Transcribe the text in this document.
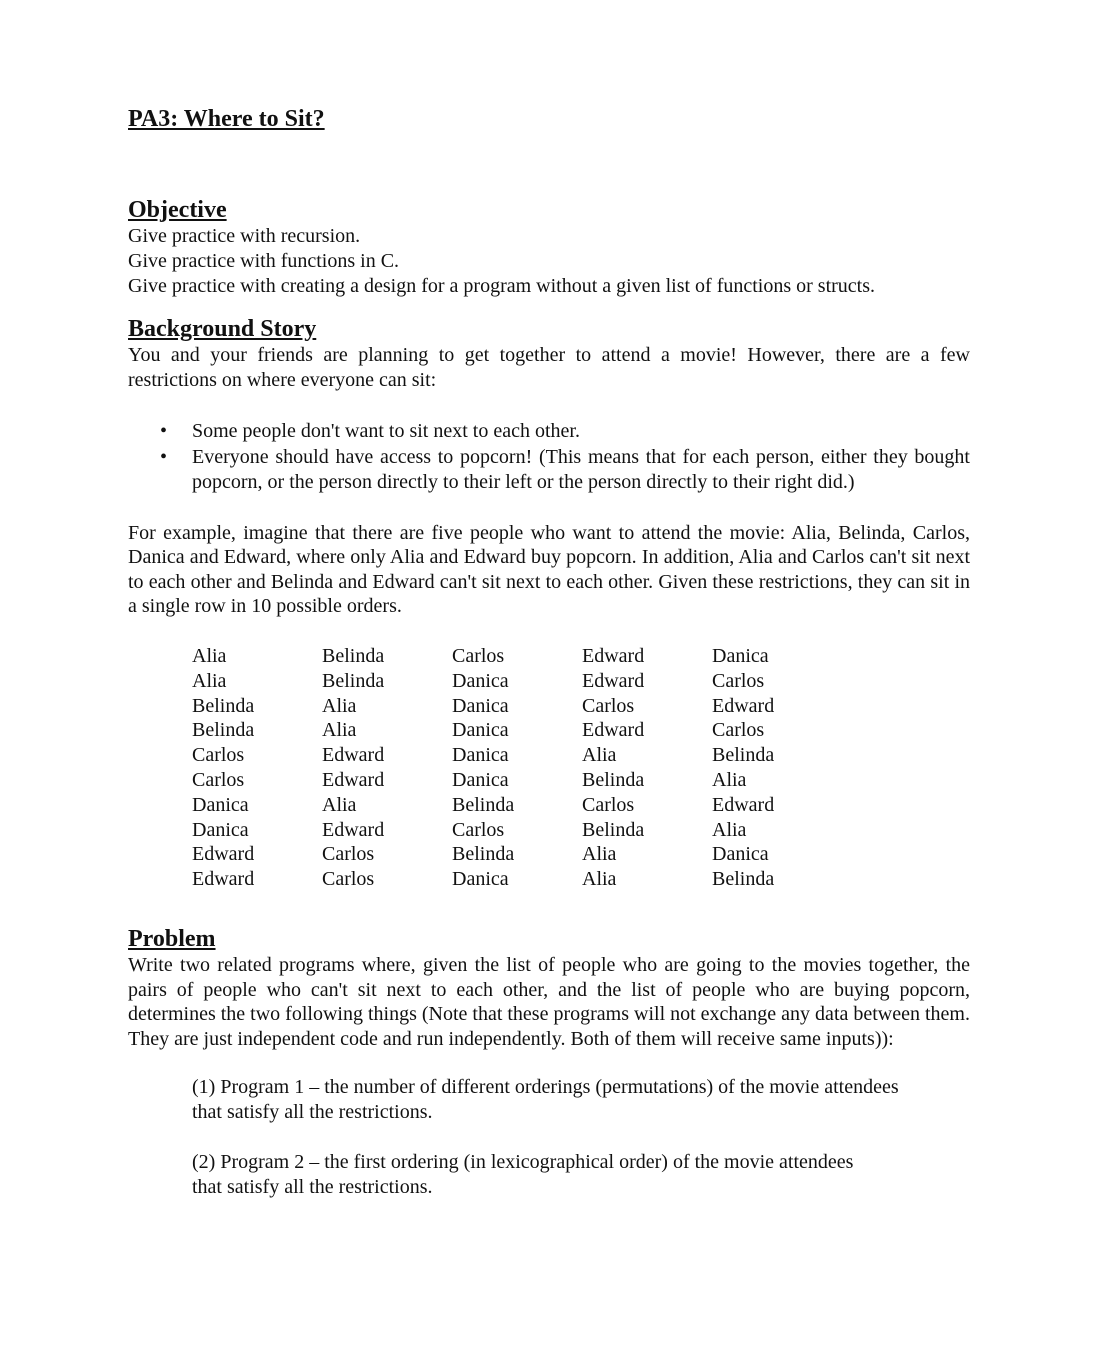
PA3: Where to Sit?
Objective

Give practice with recursion.

Give practice with functions in C.

Give practice with creating a design for a program without a given list of functions or structs.

Background Story

You and your friends are planning to get together to attend a movie! However, there are a few restrictions on where everyone can sit:

• Some people don't want to sit next to each other.
• Everyone should have access to popcorn! (This means that for each person, either they bought popcorn, or the person directly to their left or the person directly to their right did.)

For example, imagine that there are five people who want to attend the movie: Alia, Belinda, Carlos, Danica and Edward, where only Alia and Edward buy popcorn. In addition, Alia and Carlos can't sit next to each other and Belinda and Edward can't sit next to each other. Given these restrictions, they can sit in a single row in 10 possible orders.

Alia	Belinda	Carlos	Edward	Danica
Alia	Belinda	Danica	Edward	Carlos
Belinda	Alia	Danica	Carlos	Edward
Belinda	Alia	Danica	Edward	Carlos
Carlos	Edward	Danica	Alia	Belinda
Carlos	Edward	Danica	Belinda	Alia
Danica	Alia	Belinda	Carlos	Edward
Danica	Edward	Carlos	Belinda	Alia
Edward	Carlos	Belinda	Alia	Danica
Edward	Carlos	Danica	Alia	Belinda
Problem

Write two related programs where, given the list of people who are going to the movies together, the pairs of people who can't sit next to each other, and the list of people who are buying popcorn, determines the two following things (Note that these programs will not exchange any data between them. They are just independent code and run independently. Both of them will receive same inputs)):

(1) Program 1 – the number of different orderings (permutations) of the movie attendees
that satisfy all the restrictions.
(2) Program 2 – the first ordering (in lexicographical order) of the movie attendees
that satisfy all the restrictions.
